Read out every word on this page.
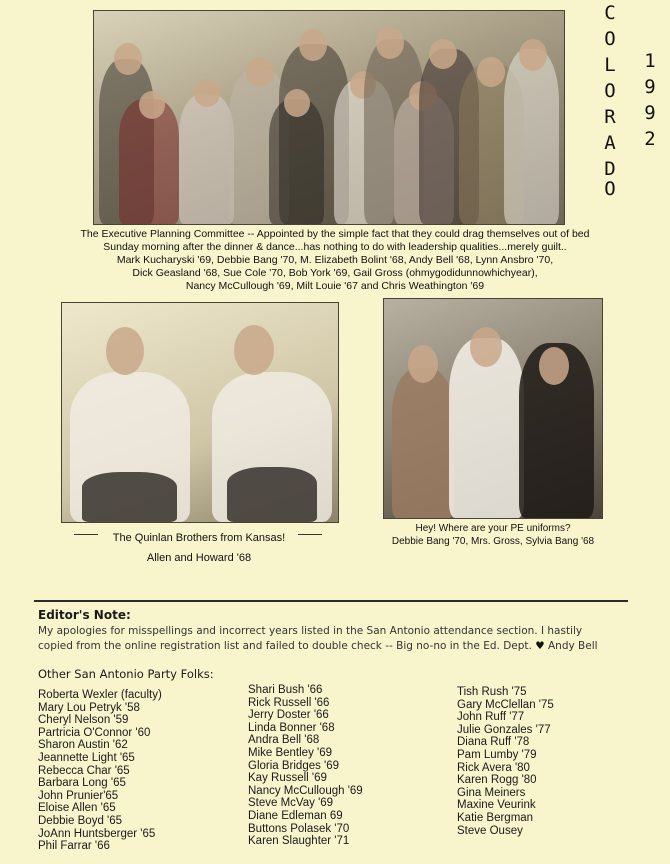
C
O
L
O
R
A
D
O
1
9
9
2
The Executive Planning Committee -- Appointed by the simple fact that they could drag themselves out of bed
Sunday morning after the dinner & dance...has nothing to do with leadership qualities...merely guilt..
Mark Kucharyski '69, Debbie Bang '70, M. Elizabeth Bolint '68, Andy Bell '68, Lynn Ansbro '70,
Dick Geasland '68, Sue Cole '70, Bob York '69, Gail Gross (ohmygodidunnowhichyear),
Nancy McCullough '69, Milt Louie '67 and Chris Weathington '69
The Quinlan Brothers from Kansas!
Allen and Howard '68
Hey! Where are your PE uniforms?
Debbie Bang '70, Mrs. Gross, Sylvia Bang '68
Editor's Note:
My apologies for misspellings and incorrect years listed in the San Antonio attendance section. I hastily
copied from the online registration list and failed to double check -- Big no-no in the Ed. Dept. ♥ Andy Bell
Other San Antonio Party Folks:
Roberta Wexler (faculty)
Mary Lou Petryk '58
Cheryl Nelson '59
Partricia O'Connor '60
Sharon Austin '62
Jeannette Light '65
Rebecca Char '65
Barbara Long '65
John Prunier'65
Eloise Allen '65
Debbie Boyd '65
JoAnn Huntsberger '65
Phil Farrar '66
Shari Bush '66
Rick Russell '66
Jerry Doster '66
Linda Bonner '68
Andra Bell '68
Mike Bentley '69
Gloria Bridges '69
Kay Russell '69
Nancy McCullough '69
Steve McVay '69
Diane Edleman 69
Buttons Polasek '70
Karen Slaughter '71
Tish Rush '75
Gary McClellan '75
John Ruff '77
Julie Gonzales '77
Diana Ruff '78
Pam Lumby '79
Rick Avera '80
Karen Rogg '80
Gina Meiners
Maxine Veurink
Katie Bergman
Steve Ousey
